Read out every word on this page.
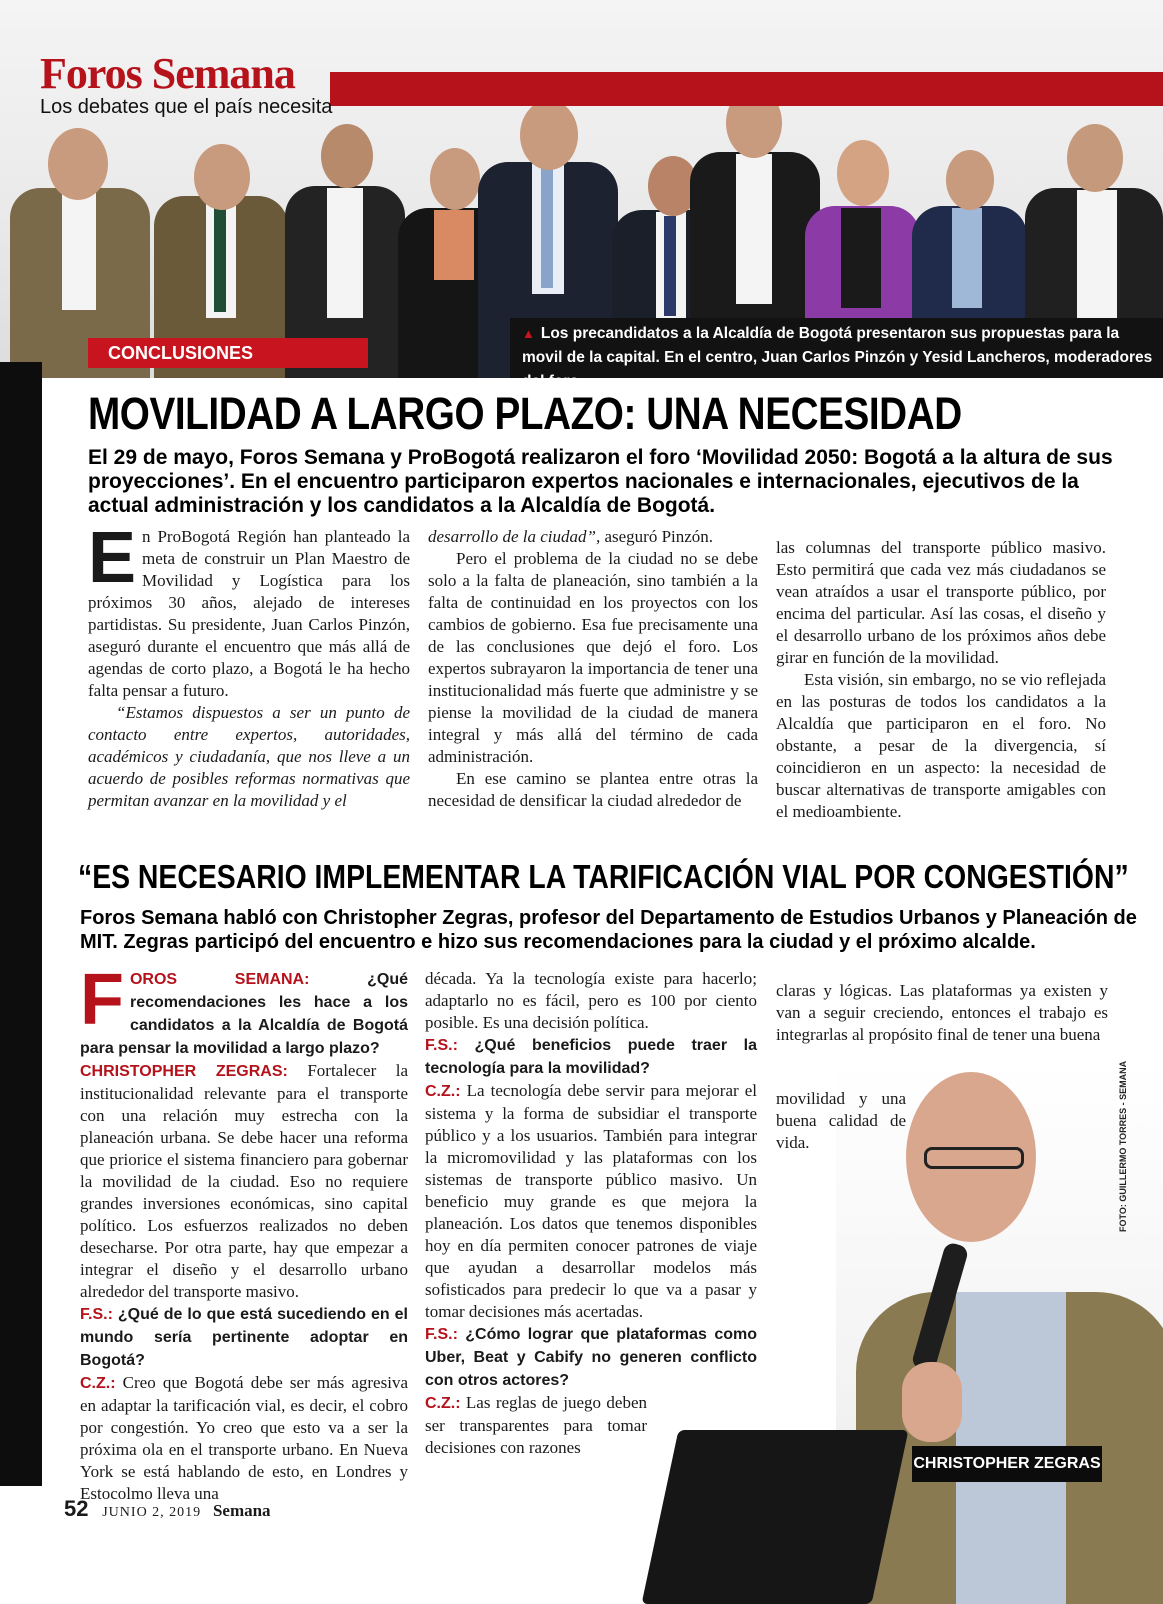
Foros Semana
Los debates que el país necesita
▲ Los precandidatos a la Alcaldía de Bogotá presentaron sus propuestas para la movil de la capital. En el centro, Juan Carlos Pinzón y Yesid Lancheros, moderadores del foro.
CONCLUSIONES
MOVILIDAD A LARGO PLAZO: UNA NECESIDAD
El 29 de mayo, Foros Semana y ProBogotá realizaron el foro ‘Movilidad 2050: Bogotá a la altura de sus proyecciones’. En el encuentro participaron expertos nacionales e internacionales, ejecutivos de la actual administración y los candidatos a la Alcaldía de Bogotá.

En ProBogotá Región han planteado la meta de construir un Plan Maestro de Movilidad y Logística para los próximos 30 años, alejado de intereses partidistas. Su presidente, Juan Carlos Pinzón, aseguró durante el encuentro que más allá de agendas de corto plazo, a Bogotá le ha hecho falta pensar a futuro.

“Estamos dispuestos a ser un punto de contacto entre expertos, autoridades, académicos y ciudadanía, que nos lleve a un acuerdo de posibles reformas normativas que permitan avanzar en la movilidad y el

desarrollo de la ciudad”, aseguró Pinzón.

Pero el problema de la ciudad no se debe solo a la falta de planeación, sino también a la falta de continuidad en los proyectos con los cambios de gobierno. Esa fue precisamente una de las conclusiones que dejó el foro. Los expertos subrayaron la importancia de tener una institucionalidad más fuerte que administre y se piense la movilidad de la ciudad de manera integral y más allá del término de cada administración.

En ese camino se plantea entre otras la necesidad de densificar la ciudad alrededor de

las columnas del transporte público masivo. Esto permitirá que cada vez más ciudadanos se vean atraídos a usar el transporte público, por encima del particular. Así las cosas, el diseño y el desarrollo urbano de los próximos años debe girar en función de la movilidad.

Esta visión, sin embargo, no se vio reflejada en las posturas de todos los candidatos a la Alcaldía que participaron en el foro. No obstante, a pesar de la divergencia, sí coincidieron en un aspecto: la necesidad de buscar alternativas de transporte amigables con el medioambiente.

“ES NECESARIO IMPLEMENTAR LA TARIFICACIÓN VIAL POR CONGESTIÓN”
Foros Semana habló con Christopher Zegras, profesor del Departamento de Estudios Urbanos y Planeación de MIT. Zegras participó del encuentro e hizo sus recomendaciones para la ciudad y el próximo alcalde.

FOROS SEMANA: ¿Qué recomendaciones les hace a los candidatos a la Alcaldía de Bogotá para pensar la movilidad a largo plazo?

CHRISTOPHER ZEGRAS: Fortalecer la institucionalidad relevante para el transporte con una relación muy estrecha con la planeación urbana. Se debe hacer una reforma que priorice el sistema financiero para gobernar la movilidad de la ciudad. Eso no requiere grandes inversiones económicas, sino capital político. Los esfuerzos realizados no deben desecharse. Por otra parte, hay que empezar a integrar el diseño y el desarrollo urbano alrededor del transporte masivo.

F.S.: ¿Qué de lo que está sucediendo en el mundo sería pertinente adoptar en Bogotá?

C.Z.: Creo que Bogotá debe ser más agresiva en adaptar la tarificación vial, es decir, el cobro por congestión. Yo creo que esto va a ser la próxima ola en el transporte urbano. En Nueva York se está hablando de esto, en Londres y Estocolmo lleva una

década. Ya la tecnología existe para hacerlo; adaptarlo no es fácil, pero es 100 por ciento posible. Es una decisión política.

F.S.: ¿Qué beneficios puede traer la tecnología para la movilidad?

C.Z.: La tecnología debe servir para mejorar el sistema y la forma de subsidiar el transporte público y a los usuarios. También para integrar la micromovilidad y las plataformas con los sistemas de transporte público masivo. Un beneficio muy grande es que mejora la planeación. Los datos que tenemos disponibles hoy en día permiten conocer patrones de viaje que ayudan a desarrollar modelos más sofisticados para predecir lo que va a pasar y tomar decisiones más acertadas.

F.S.: ¿Cómo lograr que plataformas como Uber, Beat y Cabify no generen conflicto con otros actores?

C.Z.: Las reglas de juego deben ser transparentes para tomar decisiones con razones

claras y lógicas. Las plataformas ya existen y van a seguir creciendo, entonces el trabajo es integrarlas al propósito final de tener una buena

movilidad y una buena calidad de vida.
CHRISTOPHER ZEGRAS
FOTO: GUILLERMO TORRES - SEMANA
52 JUNIO 2, 2019 Semana
